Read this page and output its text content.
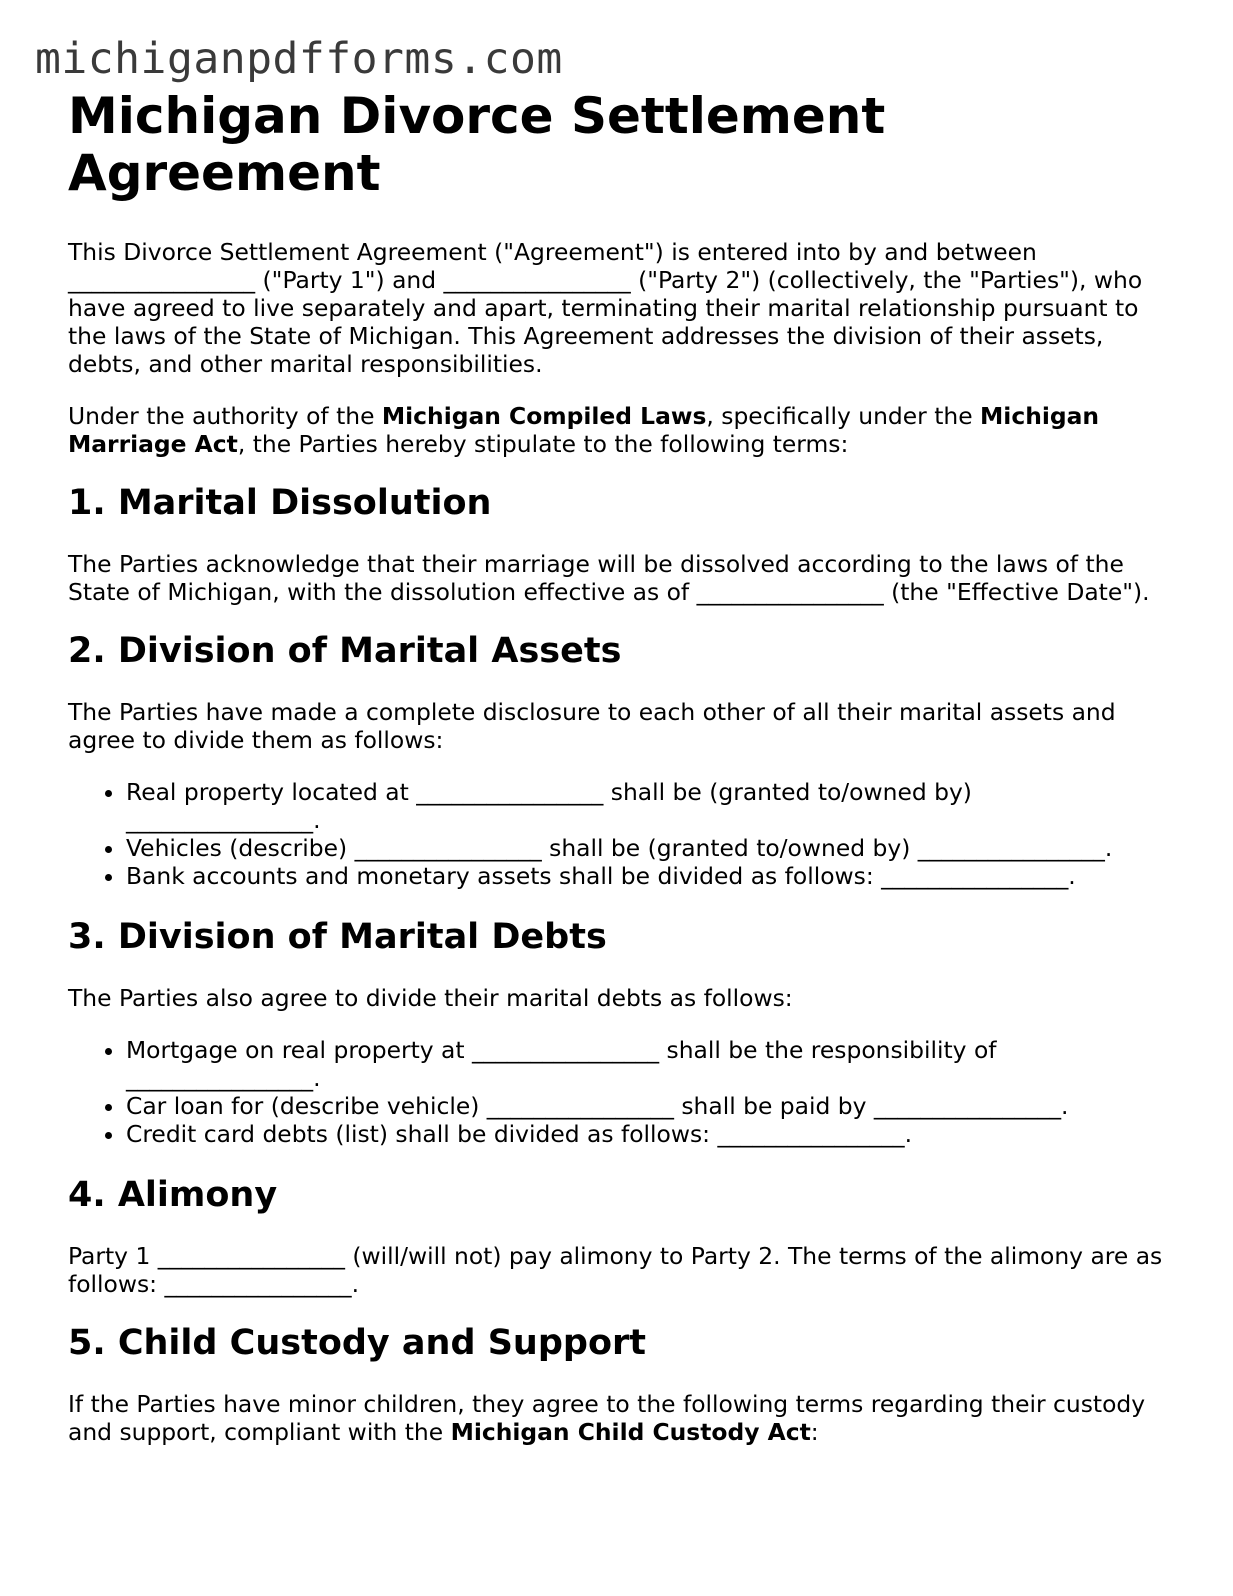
michiganpdfforms.com
Michigan Divorce Settlement Agreement

This Divorce Settlement Agreement ("Agreement") is entered into by and between ________________ ("Party 1") and ________________ ("Party 2") (collectively, the "Parties"), who have agreed to live separately and apart, terminating their marital relationship pursuant to the laws of the State of Michigan. This Agreement addresses the division of their assets, debts, and other marital responsibilities.

Under the authority of the Michigan Compiled Laws, specifically under the Michigan Marriage Act, the Parties hereby stipulate to the following terms:

1. Marital Dissolution

The Parties acknowledge that their marriage will be dissolved according to the laws of the State of Michigan, with the dissolution effective as of ________________ (the "Effective Date").

2. Division of Marital Assets

The Parties have made a complete disclosure to each other of all their marital assets and agree to divide them as follows:

• Real property located at ________________ shall be (granted to/owned by) ________________.
• Vehicles (describe) ________________ shall be (granted to/owned by) ________________.
• Bank accounts and monetary assets shall be divided as follows: ________________.
3. Division of Marital Debts

The Parties also agree to divide their marital debts as follows:

• Mortgage on real property at ________________ shall be the responsibility of ________________.
• Car loan for (describe vehicle) ________________ shall be paid by ________________.
• Credit card debts (list) shall be divided as follows: ________________.
4. Alimony

Party 1 ________________ (will/will not) pay alimony to Party 2. The terms of the alimony are as follows: ________________.

5. Child Custody and Support

If the Parties have minor children, they agree to the following terms regarding their custody and support, compliant with the Michigan Child Custody Act:
